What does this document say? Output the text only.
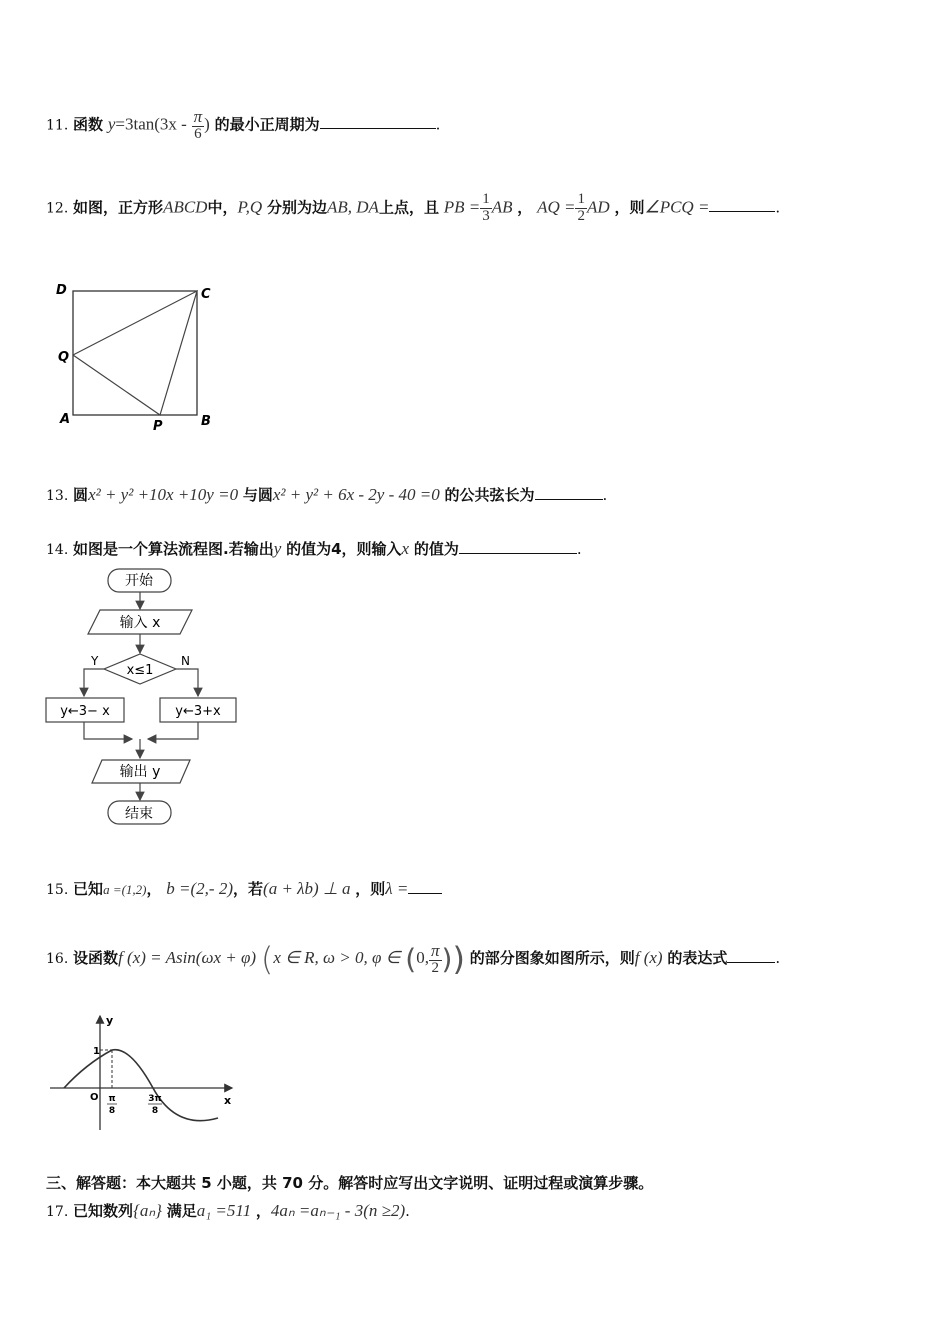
11. 函数 $y=3\tan(3x - \frac{\pi}{6}$ ) 的最小正周期为	.
12. 如图，正方形ABCD中，P,Q 分别为边AB, DA上点，且 PB = $\frac{1}{3}$ AB ， AQ = $\frac{1}{2}$ AD ，则∠PCQ =	.
D	C
Q
A	P	B
13. 圆x² + y² +10x +10y =0 与圆x² + y² + 6x - 2y - 40 =0 的公共弦长为	.
14. 如图是一个算法流程图.若输出y 的值为4，则输入x 的值为	.
开始
输入 x
x≤1
Y	N
y←3− x	y←3+x
输出 y
结束
15. 已知a =(1,2)， b =(2,- 2)，若(a + λb) ⊥ a ，则λ =
16. 设函数f (x) = Asin(ωx + φ) (x ∈ R, ω > 0, φ ∈ (0, $\frac{\pi}{2}$ )) 的部分图象如图所示，则f (x) 的表达式	.
y
x
O
1
π
8
3π
8
三、解答题：本大题共 5 小题，共 70 分。解答时应写出文字说明、证明过程或演算步骤。
17. 已知数列{aₙ} 满足a₁ =511 ，4aₙ =aₙ₋₁ - 3(n ≥2).
